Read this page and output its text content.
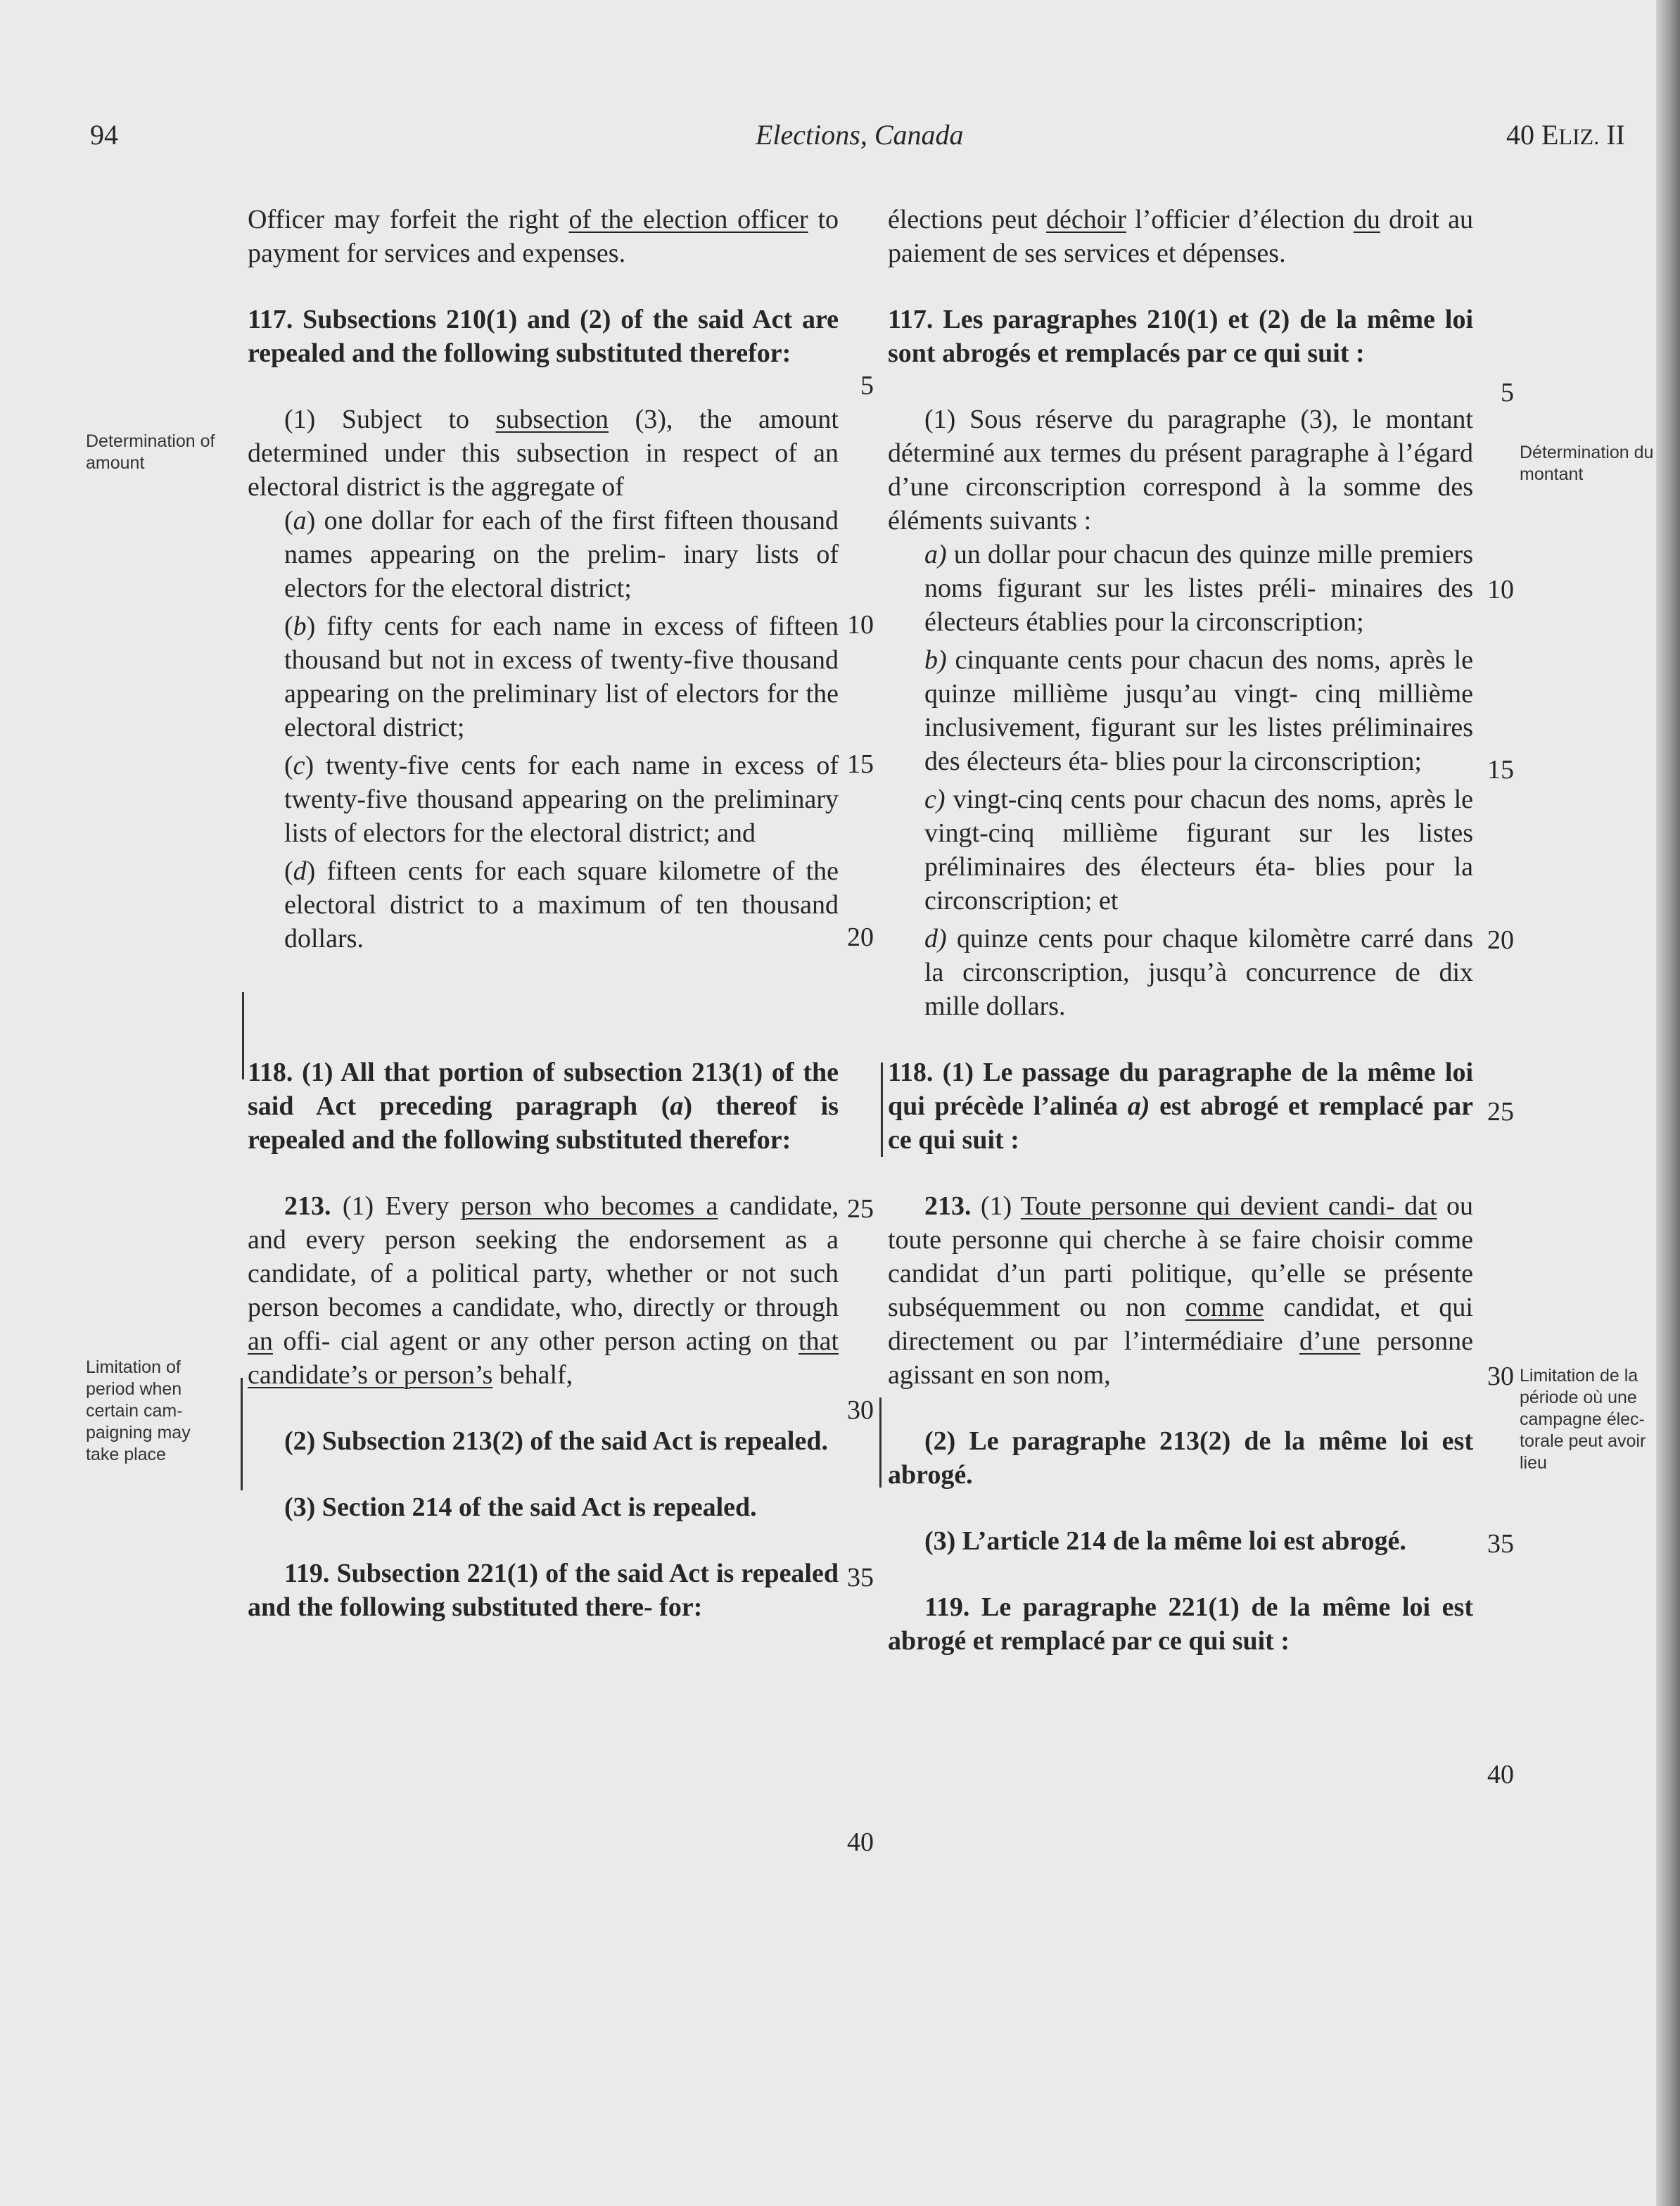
94	Elections, Canada	40 ELIZ. II
Determination of amount
Détermination du montant
Limitation of period when certain cam- paigning may take place
Limitation de la période où une campagne élec- torale peut avoir lieu

Officer may forfeit the right of the election officer to payment for services and expenses.

117. Subsections 210(1) and (2) of the said Act are repealed and the following substituted therefor:

(1) Subject to subsection (3), the amount determined under this subsection in respect of an electoral district is the aggregate of

(a) one dollar for each of the first fifteen thousand names appearing on the prelim- inary lists of electors for the electoral district;

(b) fifty cents for each name in excess of fifteen thousand but not in excess of twenty-five thousand appearing on the preliminary list of electors for the electoral district;

(c) twenty-five cents for each name in excess of twenty-five thousand appearing on the preliminary lists of electors for the electoral district; and

(d) fifteen cents for each square kilometre of the electoral district to a maximum of ten thousand dollars.

118. (1) All that portion of subsection 213(1) of the said Act preceding paragraph (a) thereof is repealed and the following substituted therefor:

213. (1) Every person who becomes a candidate, and every person seeking the endorsement as a candidate, of a political party, whether or not such person becomes a candidate, who, directly or through an offi- cial agent or any other person acting on that candidate’s or person’s behalf,

(2) Subsection 213(2) of the said Act is repealed.

(3) Section 214 of the said Act is repealed.

119. Subsection 221(1) of the said Act is repealed and the following substituted there- for:

élections peut déchoir l’officier d’élection du droit au paiement de ses services et dépenses.

117. Les paragraphes 210(1) et (2) de la même loi sont abrogés et remplacés par ce qui suit :

(1) Sous réserve du paragraphe (3), le montant déterminé aux termes du présent paragraphe à l’égard d’une circonscription correspond à la somme des éléments suivants :

a) un dollar pour chacun des quinze mille premiers noms figurant sur les listes préli- minaires des électeurs établies pour la circonscription;

b) cinquante cents pour chacun des noms, après le quinze millième jusqu’au vingt- cinq millième inclusivement, figurant sur les listes préliminaires des électeurs éta- blies pour la circonscription;

c) vingt-cinq cents pour chacun des noms, après le vingt-cinq millième figurant sur les listes préliminaires des électeurs éta- blies pour la circonscription; et

d) quinze cents pour chaque kilomètre carré dans la circonscription, jusqu’à concurrence de dix mille dollars.

118. (1) Le passage du paragraphe de la même loi qui précède l’alinéa a) est abrogé et remplacé par ce qui suit :

213. (1) Toute personne qui devient candi- dat ou toute personne qui cherche à se faire choisir comme candidat d’un parti politique, qu’elle se présente subséquemment ou non comme candidat, et qui directement ou par l’intermédiaire d’une personne agissant en son nom,

(2) Le paragraphe 213(2) de la même loi est abrogé.

(3) L’article 214 de la même loi est abrogé.

119. Le paragraphe 221(1) de la même loi est abrogé et remplacé par ce qui suit :

5
10
15
20
25
30
35
40
5
10
15
20
25
30
35
40
